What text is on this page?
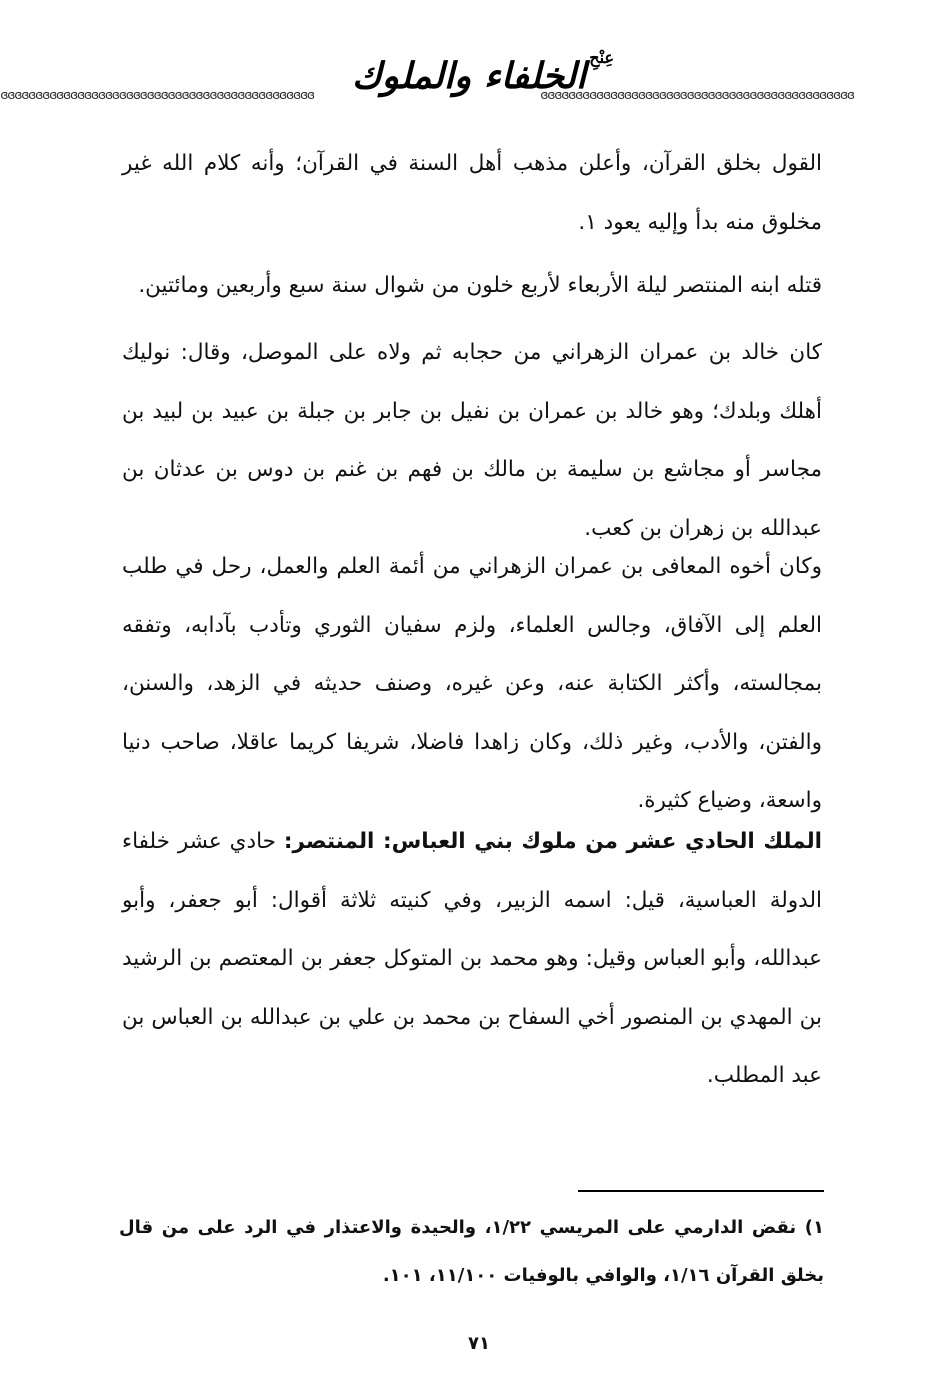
ɞɞɞɞɞɞɞɞɞɞɞɞɞɞɞɞɞɞɞɞɞɞɞɞɞɞɞɞɞɞɞɞɞɞɞɞɞɞɞɞɞɞɞɞɞ	الخلفاء والملوك عِنْحِ
ɞɞɞɞɞɞɞɞɞɞɞɞɞɞɞɞɞɞɞɞɞɞɞɞɞɞɞɞɞɞɞɞɞɞɞɞɞɞɞɞɞɞɞɞɞ
القول بخلق القرآن، وأعلن مذهب أهل السنة في القرآن؛ وأنه كلام الله غير مخلوق منه بدأ وإليه يعود ١.
قتله ابنه المنتصر ليلة الأربعاء لأربع خلون من شوال سنة سبع وأربعين ومائتين.
كان خالد بن عمران الزهراني من حجابه ثم ولاه على الموصل، وقال: نوليك أهلك وبلدك؛ وهو خالد بن عمران بن نفيل بن جابر بن جبلة بن عبيد بن لبيد بن مجاسر أو مجاشع بن سليمة بن مالك بن فهم بن غنم بن دوس بن عدثان بن عبدالله بن زهران بن كعب.
وكان أخوه المعافى بن عمران الزهراني من أئمة العلم والعمل، رحل في طلب العلم إلى الآفاق، وجالس العلماء، ولزم سفيان الثوري وتأدب بآدابه، وتفقه بمجالسته، وأكثر الكتابة عنه، وعن غيره، وصنف حديثه في الزهد، والسنن، والفتن، والأدب، وغير ذلك، وكان زاهدا فاضلا، شريفا كريما عاقلا، صاحب دنيا واسعة، وضياع كثيرة.
الملك الحادي عشر من ملوك بني العباس: المنتصر: حادي عشر خلفاء الدولة العباسية، قيل: اسمه الزبير، وفي كنيته ثلاثة أقوال: أبو جعفر، وأبو عبدالله، وأبو العباس وقيل: وهو محمد بن المتوكل جعفر بن المعتصم بن الرشيد بن المهدي بن المنصور أخي السفاح بن محمد بن علي بن عبدالله بن العباس بن عبد المطلب.
١) نقض الدارمي على المريسي ١/٢٢، والحيدة والاعتذار في الرد على من قال بخلق القرآن ١/١٦، والوافي بالوفيات ١١/١٠٠، ١٠١.
٧١
